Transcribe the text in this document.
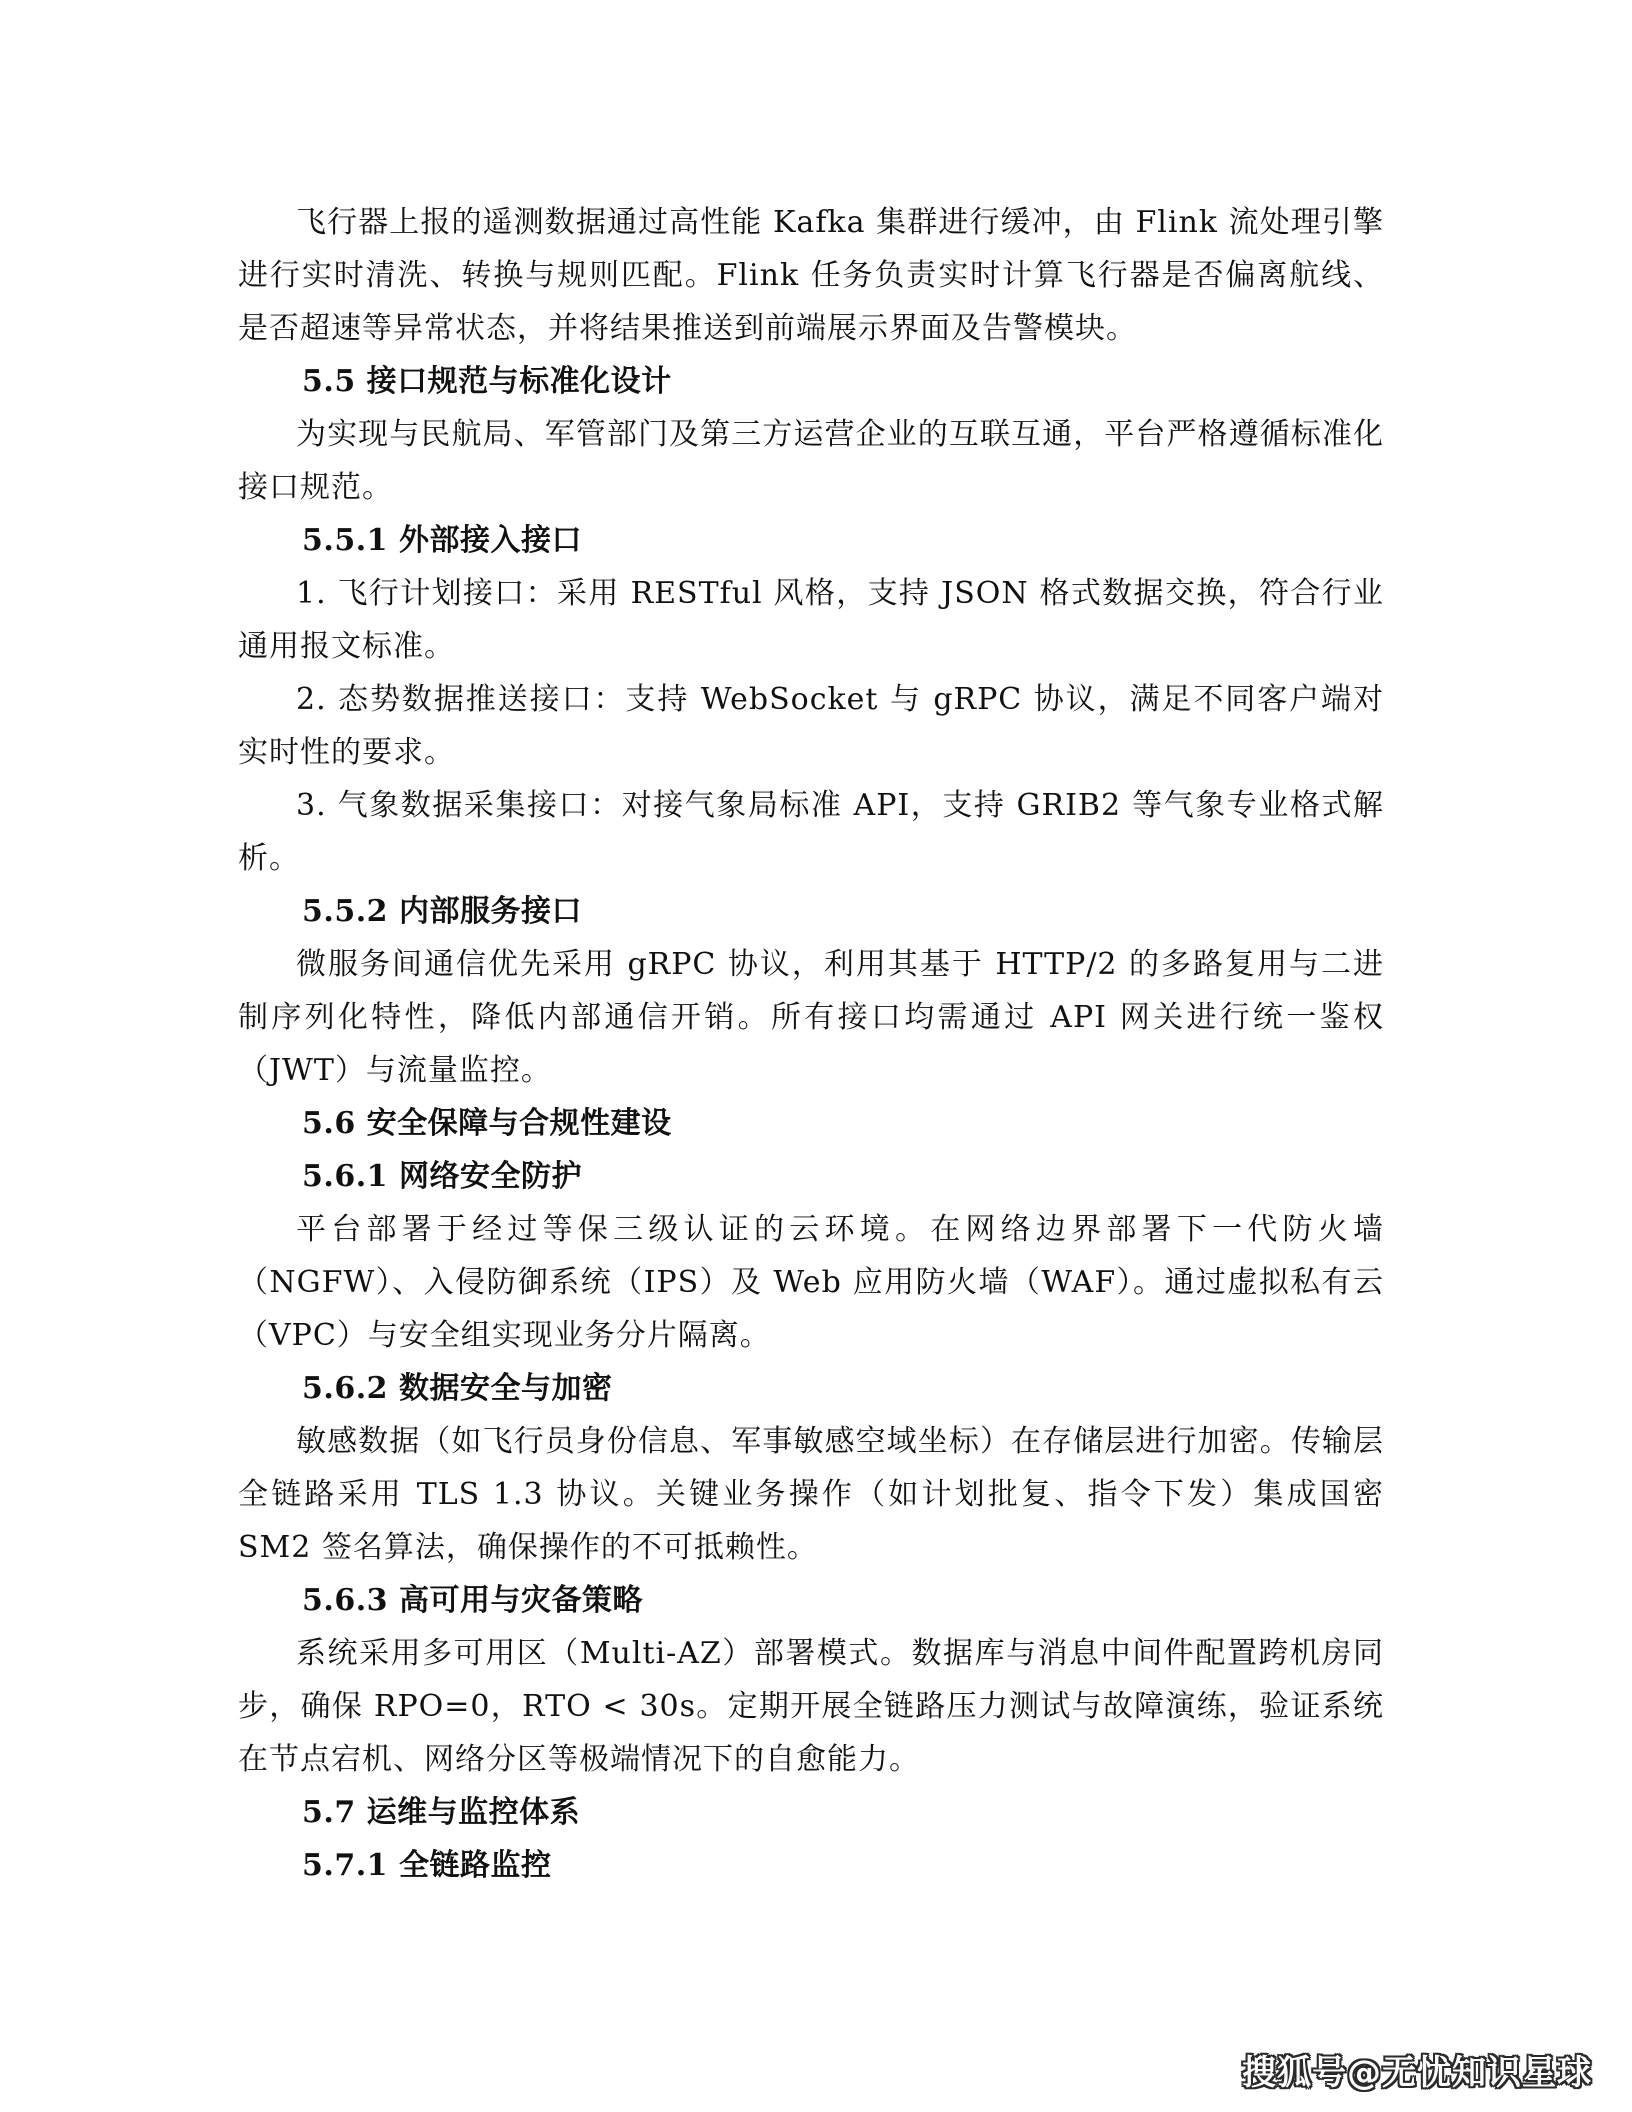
飞行器上报的遥测数据通过高性能 Kafka 集群进行缓冲，由 Flink 流处理引擎进行实时清洗、转换与规则匹配。Flink 任务负责实时计算飞行器是否偏离航线、是否超速等异常状态，并将结果推送到前端展示界面及告警模块。

5.5 接口规范与标准化设计

为实现与民航局、军管部门及第三方运营企业的互联互通，平台严格遵循标准化接口规范。

5.5.1 外部接入接口

1. 飞行计划接口：采用 RESTful 风格，支持 JSON 格式数据交换，符合行业通用报文标准。

2. 态势数据推送接口：支持 WebSocket 与 gRPC 协议，满足不同客户端对实时性的要求。

3. 气象数据采集接口：对接气象局标准 API，支持 GRIB2 等气象专业格式解析。

5.5.2 内部服务接口

微服务间通信优先采用 gRPC 协议，利用其基于 HTTP/2 的多路复用与二进制序列化特性，降低内部通信开销。所有接口均需通过 API 网关进行统一鉴权（JWT）与流量监控。

5.6 安全保障与合规性建设
5.6.1 网络安全防护

平台部署于经过等保三级认证的云环境。在网络边界部署下一代防火墙（NGFW）、入侵防御系统（IPS）及 Web 应用防火墙（WAF）。通过虚拟私有云（VPC）与安全组实现业务分片隔离。

5.6.2 数据安全与加密

敏感数据（如飞行员身份信息、军事敏感空域坐标）在存储层进行加密。传输层全链路采用 TLS 1.3 协议。关键业务操作（如计划批复、指令下发）集成国密 SM2 签名算法，确保操作的不可抵赖性。

5.6.3 高可用与灾备策略

系统采用多可用区（Multi-AZ）部署模式。数据库与消息中间件配置跨机房同步，确保 RPO=0，RTO < 30s。定期开展全链路压力测试与故障演练，验证系统在节点宕机、网络分区等极端情况下的自愈能力。

5.7 运维与监控体系
5.7.1 全链路监控
搜狐号@无忧知识星球
